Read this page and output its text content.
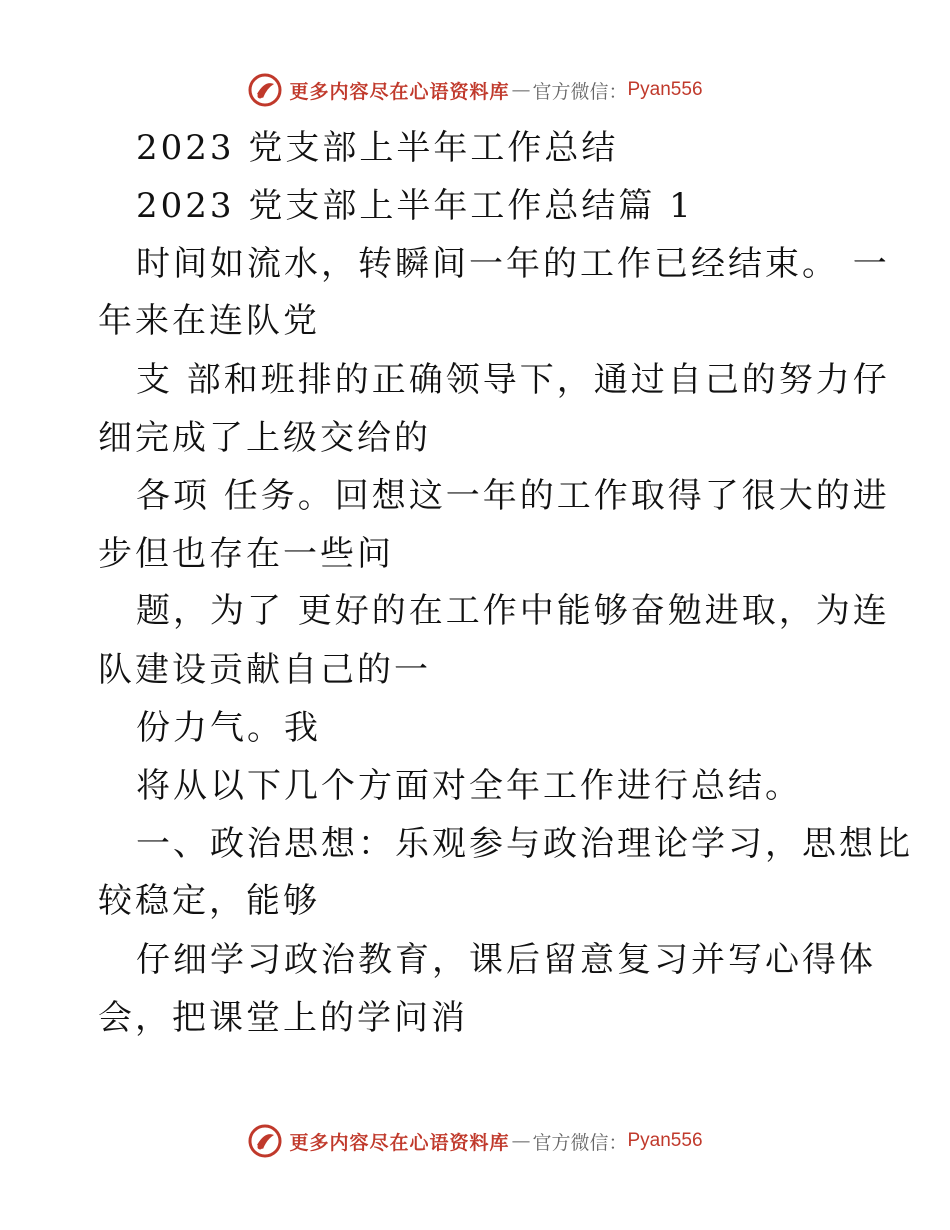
更多内容尽在心语资料库 — 官方微信： Pyan556
2023 党支部上半年工作总结
2023 党支部上半年工作总结篇 1
时间如流水，转瞬间一年的工作已经结束。 一
年来在连队党
支 部和班排的正确领导下，通过自己的努力仔
细完成了上级交给的
各项 任务。回想这一年的工作取得了很大的进
步但也存在一些问
题，为了 更好的在工作中能够奋勉进取，为连
队建设贡献自己的一
份力气。我
将从以下几个方面对全年工作进行总结。
一、政治思想：乐观参与政治理论学习，思想比
较稳定，能够
仔细学习政治教育，课后留意复习并写心得体
会，把课堂上的学问消
更多内容尽在心语资料库 — 官方微信： Pyan556
